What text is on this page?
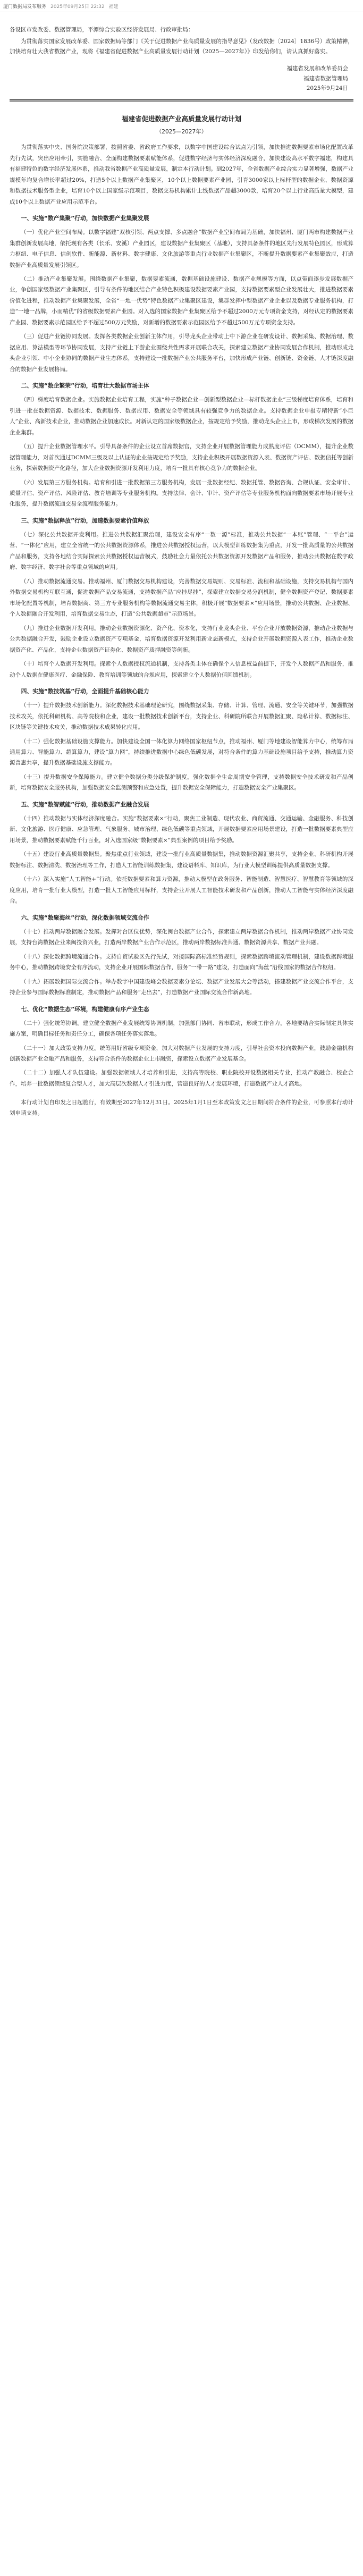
厦门数据局发布服务 2025年09月25日 22:32 福建

各设区市发改委、数据管理局，平潭综合实验区经济发展局、行政审批局：

为贯彻落实国家发展改革委、国家数据局等部门《关于促进数据产业高质量发展的指导意见》（发改数据〔2024〕1836号）政策精神，加快培育壮大我省数据产业，现将《福建省促进数据产业高质量发展行动计划（2025—2027年）》印发给你们，请认真抓好落实。

福建省发展和改革委员会
福建省数据管理局
2025年9月24日
福建省促进数据产业高质量发展行动计划
（2025—2027年）

为贯彻落实中央、国务院决策部署，按照省委、省政府工作要求，以数字中国建设综合试点为引领，加快推进数据要素市场化配置改革先行先试，突出应用牵引，实施融合、全面构建数据要素赋能体系，促进数字经济与实体经济深度融合，加快建设高水平数字福建，构建具有福建特色的数字经济发展体系，推动我省数据产业高质量发展，制定本行动计划。到2027年，全省数据产业综合实力显著增强，数据产业规模年均复合增长率超过20%，打造5个以上数据产业集聚区，10个以上数据要素产业园，引育3000家以上标杆型的数据企业、数据资源和数据技术服务型企业，培育10个以上国家级示范项目，数据交易机构累计上线数据产品超3000款，培育20个以上行业高质量大模型，建成10个以上数据产业应用示范平台。

一、实施“数产集聚”行动，加快数据产业集聚发展

（一）优化产业空间布局。以数字福建“双核引领、两点支撑、多点融合”数据产业空间布局为基础，加快福州、厦门两市构建数据产业集群创新发展高地，依托现有各类（长乐、安溪）产业园区，建设数据产业集聚区（基地），支持具备条件的地区先行发展特色园区，形成算力枢纽、电子信息、信创软件、新能源、新材料、数字健康、文化旅游等重点行业数据产业集聚区，不断提升数据要素产业集聚效应，打造数据产业高质量发展引领区。

（二）推动产业集聚发展。围绕数据产业集聚，数据要素流通，数据基础设施建设、数据产业规模等方面，以点带面逐步发展数据产业，争创国家级数据产业集聚区，引导有条件的地区结合产业特色积极建设数据要素产业园，支持数据要素型企业发展壮大，推进数据要素价值化进程，推动数据产业集聚发展，全省“一地一优势”特色数据产业集聚区建设，集群发挥中型数据产业企业以及数据专业服务机构，打造“一地一品牌，小而精优”的省级数据要素产业园。对入选的国家数据产业集聚区给予不超过2000万元专项资金支持，对经认定的数据要素产业园、数据要素示范园区给予不超过500万元奖励，对新增的数据要素示范园区给予不超过500万元专项资金支持。

（三）促进产业链协同发展。发挥各类数据企业创新主体作用，引导龙头企业带动上中下游企业在研发设计、数据采集、数据治理、数据应用、算法模型等环节协同发展，支持产业链上下游企业围绕共性需求开展联合攻关，探索建立数据产业协同发展合作机制，推动形成龙头企业引领、中小企业协同的数据产业生态体系，支持建设一批数据产业公共服务平台，加快形成产业链、创新链、资金链、人才链深度融合的数据产业发展格局。

二、实施“数企繁荣”行动，培育壮大数据市场主体

（四）梯度培育数据企业。实施数据企业培育工程，实施“种子数据企业—创新型数据企业—标杆数据企业”三级梯度培育体系，培育和引进一批在数据资源、数据技术、数据服务、数据应用、数据安全等领域具有较强竞争力的数据企业。支持数据企业申报专精特新“小巨人”企业、高新技术企业，推动数据企业加速成长。对新认定的国家级数据企业，按规定给予奖励，推动龙头企业上市，形成梯次发展的数据企业集群。

（五）提升企业数据管理水平。引导具备条件的企业设立首席数据官，支持企业开展数据管理能力成熟度评估（DCMM），提升企业数据管理能力，对首次通过DCMM三级及以上认证的企业按规定给予奖励，支持企业积极开展数据资源入表、数据资产评估、数据信托等创新业务，探索数据资产化路径，加大企业数据资源开发利用力度，培育一批具有核心竞争力的数据企业。

（六）发展第三方服务机构。培育和引进一批数据第三方服务机构，发展一批数据经纪、数据托管、数据咨询、合规认证、安全审计、质量评估、资产评估、风险评估、教育培训等专业服务机构。支持法律、会计、审计、资产评估等专业服务机构面向数据要素市场开展专业化服务，提升数据流通交易全流程服务能力。

三、实施“数据释放”行动，加速数据要素价值释放

（七）深化公共数据开发利用。推进公共数据汇聚治理，建设安全有序“一数一源”标准，推动公共数据“一本账”管理、“一平台”运营、“一体化”应用，建立全省统一的公共数据资源体系，推进公共数据授权运营，以大模型训练数据集为重点，开发一批高质量的公共数据产品和服务，支持各地结合实际探索公共数据授权运营模式，鼓励社会力量依托公共数据资源开发数据产品和服务，推动公共数据在数字政府、数字经济、数字社会等重点领域的应用。

（八）推动数据流通交易。推动福州、厦门数据交易机构建设，完善数据交易规则、交易标准、流程和基础设施，支持交易机构与国内外数据交易机构互联互通，促进数据产品交易流通，支持数据产品“应挂尽挂”，探索建立数据交易分润机制，健全数据资产登记、数据要素市场化配置等机制，培育数据商、第三方专业服务机构等数据流通交易主体，积极开展“数据要素×”应用场景，推动公共数据、企业数据、个人数据融合开发利用，培育数据交易生态，打造“公共数据超市”示范场景。

（九）推进企业数据开发利用。推动企业数据资源化、资产化、资本化，支持行业龙头企业、平台企业开放数据资源，推动企业数据与公共数据融合开发，鼓励企业设立数据资产专项基金，培育数据资源开发利用新业态新模式，支持企业开展数据资源入表工作，推动企业数据资产化、产品化，支持企业数据资产证券化、数据资产质押融资等创新。

（十）培育个人数据开发利用。探索个人数据授权流通机制，支持各类主体在确保个人信息权益前提下，开发个人数据产品和服务，推动个人数据在健康医疗、金融保险、教育培训等领域的合规应用，探索建立个人数据价值回馈机制。

四、实施“数技筑基”行动，全面提升基础核心能力

（十一）提升数据技术创新能力。深化数据技术基础理论研究，围绕数据采集、存储、计算、管理、流通、安全等关键环节，加强数据技术攻关，依托科研机构、高等院校和企业，建设一批数据技术创新平台，支持企业、科研院所联合开展数据汇聚、隐私计算、数据标注、区块链等关键技术攻关，推动数据技术成果转化应用。

（十二）强化数据基础设施支撑能力。加快建设全国一体化算力网络国家枢纽节点，推动福州、厦门等地建设智能算力中心，统筹布局通用算力、智能算力、超算算力，建设“算力网”，持续推进数据中心绿色低碳发展，对符合条件的算力基础设施项目给予支持，推动算力资源普惠共享，提升数据基础设施支撑能力。

（十三）提升数据安全保障能力。建立健全数据分类分级保护制度，强化数据全生命周期安全管理，支持数据安全技术研发和产品创新，培育数据安全服务机构，加强数据安全监测预警和应急处置，提升数据安全保障能力，打造数据安全产业集聚区。

五、实施“数智赋能”行动，推动数据产业融合发展

（十四）推动数据与实体经济深度融合。实施“数据要素×”行动，聚焦工业制造、现代农业、商贸流通、交通运输、金融服务、科技创新、文化旅游、医疗健康、应急管理、气象服务、城市治理、绿色低碳等重点领域，开展数据要素应用场景建设，打造一批数据要素典型应用场景，推动数据要素赋能千行百业，对入选国家级“数据要素×”典型案例的项目给予奖励。

（十五）建设行业高质量数据集。聚焦重点行业领域，建设一批行业高质量数据集，推动数据资源汇聚共享，支持企业、科研机构开展数据标注、数据清洗、数据治理等工作，打造人工智能训练数据集，建设语料库、知识库，为行业大模型训练提供高质量数据支撑。

（十六）深入实施“人工智能+”行动。依托数据要素和算力资源，推动大模型在政务服务、智能制造、智慧医疗、智慧教育等领域的深度应用，培育一批行业大模型，打造一批人工智能应用标杆，支持企业开展人工智能技术研发和产品创新，推动人工智能与实体经济深度融合。

六、实施“数聚海丝”行动，深化数据领域交流合作

（十七）推动两岸数据融合发展。发挥对台区位优势，深化闽台数据产业合作，探索建立两岸数据合作机制，推动两岸数据产业协同发展，支持台湾数据企业来闽投资兴业，打造两岸数据产业合作示范区，推动两岸数据标准共通、数据资源共享、数据产业共融。

（十八）深化数据跨境流通合作。支持自贸试验区先行先试，对接国际高标准经贸规则，探索数据跨境流动管理机制，建设数据跨境服务中心，推动数据跨境安全有序流动，支持企业开展国际数据合作，服务“一带一路”建设，打造面向“海丝”沿线国家的数据合作枢纽。

（十九）拓展数据国际交流合作。举办数字中国建设峰会数据要素分论坛、数据产业发展大会等活动，搭建数据产业交流合作平台，支持企业参与国际数据标准制定，推动数据产品和服务“走出去”，打造数据产业国际交流合作新高地。

七、优化“数据生态”环境，构建健康有序产业生态

（二十）强化统筹协调。建立健全数据产业发展统筹协调机制，加强部门协同、省市联动，形成工作合力，各地要结合实际制定具体实施方案，明确目标任务和责任分工，确保各项任务落实落地。

（二十一）加大政策支持力度。统筹用好省级专项资金，加大对数据产业发展的支持力度，引导社会资本投向数据产业，鼓励金融机构创新数据产业金融产品和服务，支持符合条件的数据企业上市融资，探索设立数据产业发展基金。

（二十二）加强人才队伍建设。加强数据领域人才培养和引进，支持高等院校、职业院校开设数据相关专业，推动产教融合、校企合作，培养一批数据领域复合型人才，加大高层次数据人才引进力度，营造良好的人才发展环境，打造数据产业人才高地。

本行动计划自印发之日起施行，有效期至2027年12月31日。2025年1月1日至本政策发文之日期间符合条件的企业，可参照本行动计划申请支持。
